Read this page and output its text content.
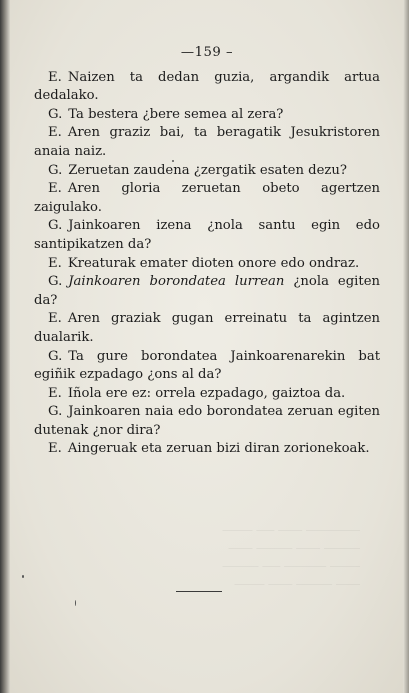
_________ ____ ___ _____
______ ____ ______ ____
_____ _______ ___ ______
____ ______ ____ _____
—159 –

E. Naizen ta dedan guzia, argandik artua dedalako.

G. Ta bestera ¿bere semea al zera?

E. Aren graziz bai, ta beragatik Jesukristoren anaia naiz.

G. Zeruetan zaudena ¿zergatik esaten dezu?

E. Aren gloria zeruetan obeto agertzen zaigulako.

G. Jainkoaren izena ¿nola santu egin edo santipikatzen da?

E. Kreaturak emater dioten onore edo ondraz.

G. Jainkoaren borondatea lurrean ¿nola egiten da?

E. Aren graziak gugan erreinatu ta agintzen dualarik.

G. Ta gure borondatea Jainkoarenarekin bat egiñik ezpadago ¿ons al da?

E. Iñola ere ez: orrela ezpadago, gaiztoa da.

G. Jainkoaren naia edo borondatea zeruan egiten dutenak ¿nor dira?

E. Aingeruak eta zeruan bizi diran zorionekoak.
